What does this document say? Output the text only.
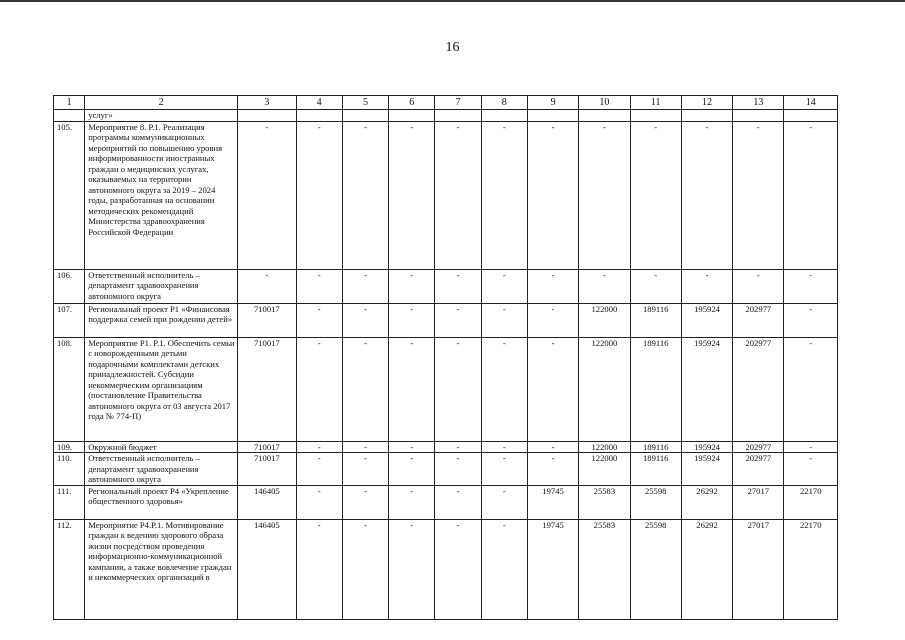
16
1	2	3	4	5	6	7	8	9	10	11	12	13	14
	услуг»												
105.	Мероприятие 8. Р.1. Реализация программы коммуникационных мероприятий по повышению уровня информированности иностранных граждан о медицинских услугах, оказываемых на территории автономного округа за 2019 – 2024 годы, разработанная на основании методических рекомендаций Министерства здравоохранения Российской Федерации	-	-	-	-	-	-	-	-	-	-	-	-
106.	Ответственный исполнитель – департамент здравоохранения автономного округа	-	-	-	-	-	-	-	-	-	-	-	-
107.	Региональный проект Р1 «Финансовая поддержка семей при рождении детей»	710017	-	-	-	-	-	-	122000	189116	195924	202977	-
108.	Мероприятие Р1. Р.1. Обеспечить семьи с новорожденными детьми подарочными комплектами детских принадлежностей. Субсидии некоммерческим организациям (постановление Правительства автономного округа от 03 августа 2017 года № 774-П)	710017	-	-	-	-	-	-	122000	189116	195924	202977	-
109.	Окружной бюджет	710017	-	-	-	-	-	-	122000	189116	195924	202977	-
110.	Ответственный исполнитель – департамент здравоохранения автономного округа	710017	-	-	-	-	-	-	122000	189116	195924	202977	-
111.	Региональный проект Р4 «Укрепление общественного здоровья»	146405	-	-	-	-	-	19745	25583	25598	26292	27017	22170
112.	Мероприятие Р4.Р.1. Мотивирование граждан к ведению здорового образа жизни посредством проведения информационно-коммуникационной кампании, а также вовлечение граждан и некоммерческих организаций в	146405	-	-	-	-	-	19745	25583	25598	26292	27017	22170
